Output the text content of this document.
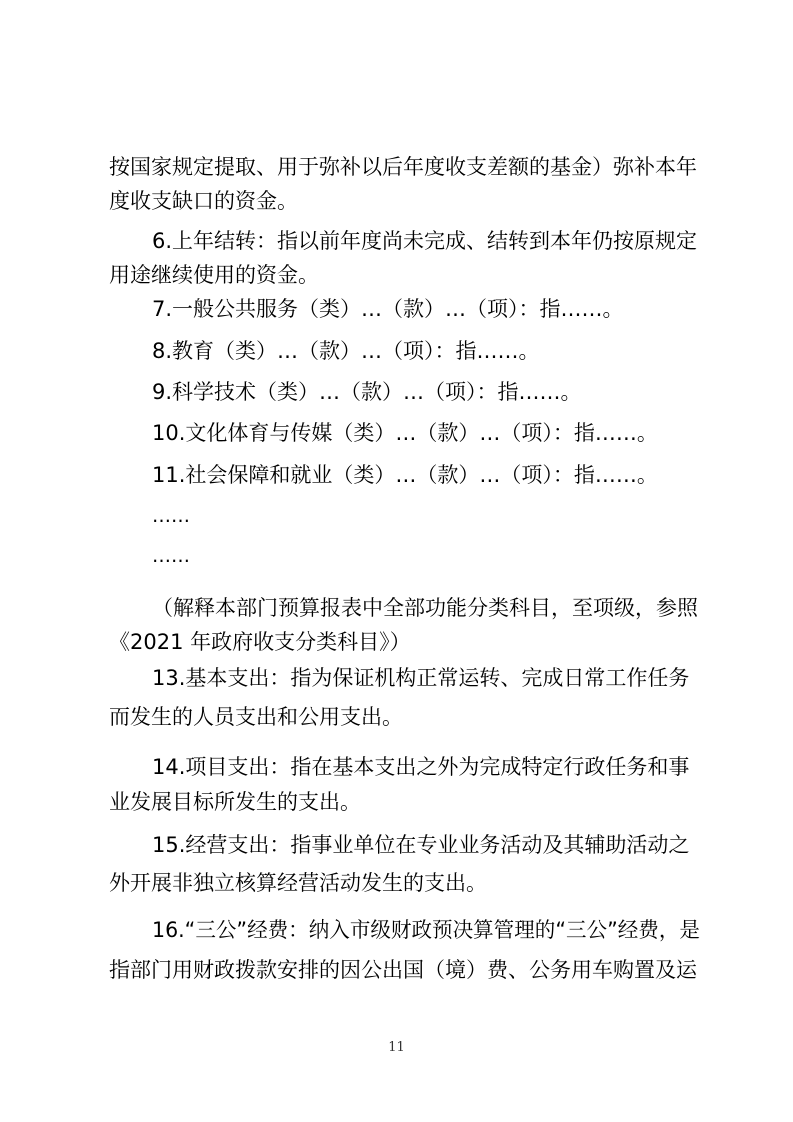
按国家规定提取、用于弥补以后年度收支差额的基金）弥补本年
度收支缺口的资金。
6.上年结转：指以前年度尚未完成、结转到本年仍按原规定
用途继续使用的资金。
7.一般公共服务（类）…（款）…（项）：指……。
8.教育（类）…（款）…（项）：指……。
9.科学技术（类）…（款）…（项）：指……。
10.文化体育与传媒（类）…（款）…（项）：指……。
11.社会保障和就业（类）…（款）…（项）：指……。
……
……
（解释本部门预算报表中全部功能分类科目，至项级，参照
《2021 年政府收支分类科目》）
13.基本支出：指为保证机构正常运转、完成日常工作任务
而发生的人员支出和公用支出。
14.项目支出：指在基本支出之外为完成特定行政任务和事
业发展目标所发生的支出。
15.经营支出：指事业单位在专业业务活动及其辅助活动之
外开展非独立核算经营活动发生的支出。
16.“三公”经费：纳入市级财政预决算管理的“三公”经费，是
指部门用财政拨款安排的因公出国（境）费、公务用车购置及运
11
